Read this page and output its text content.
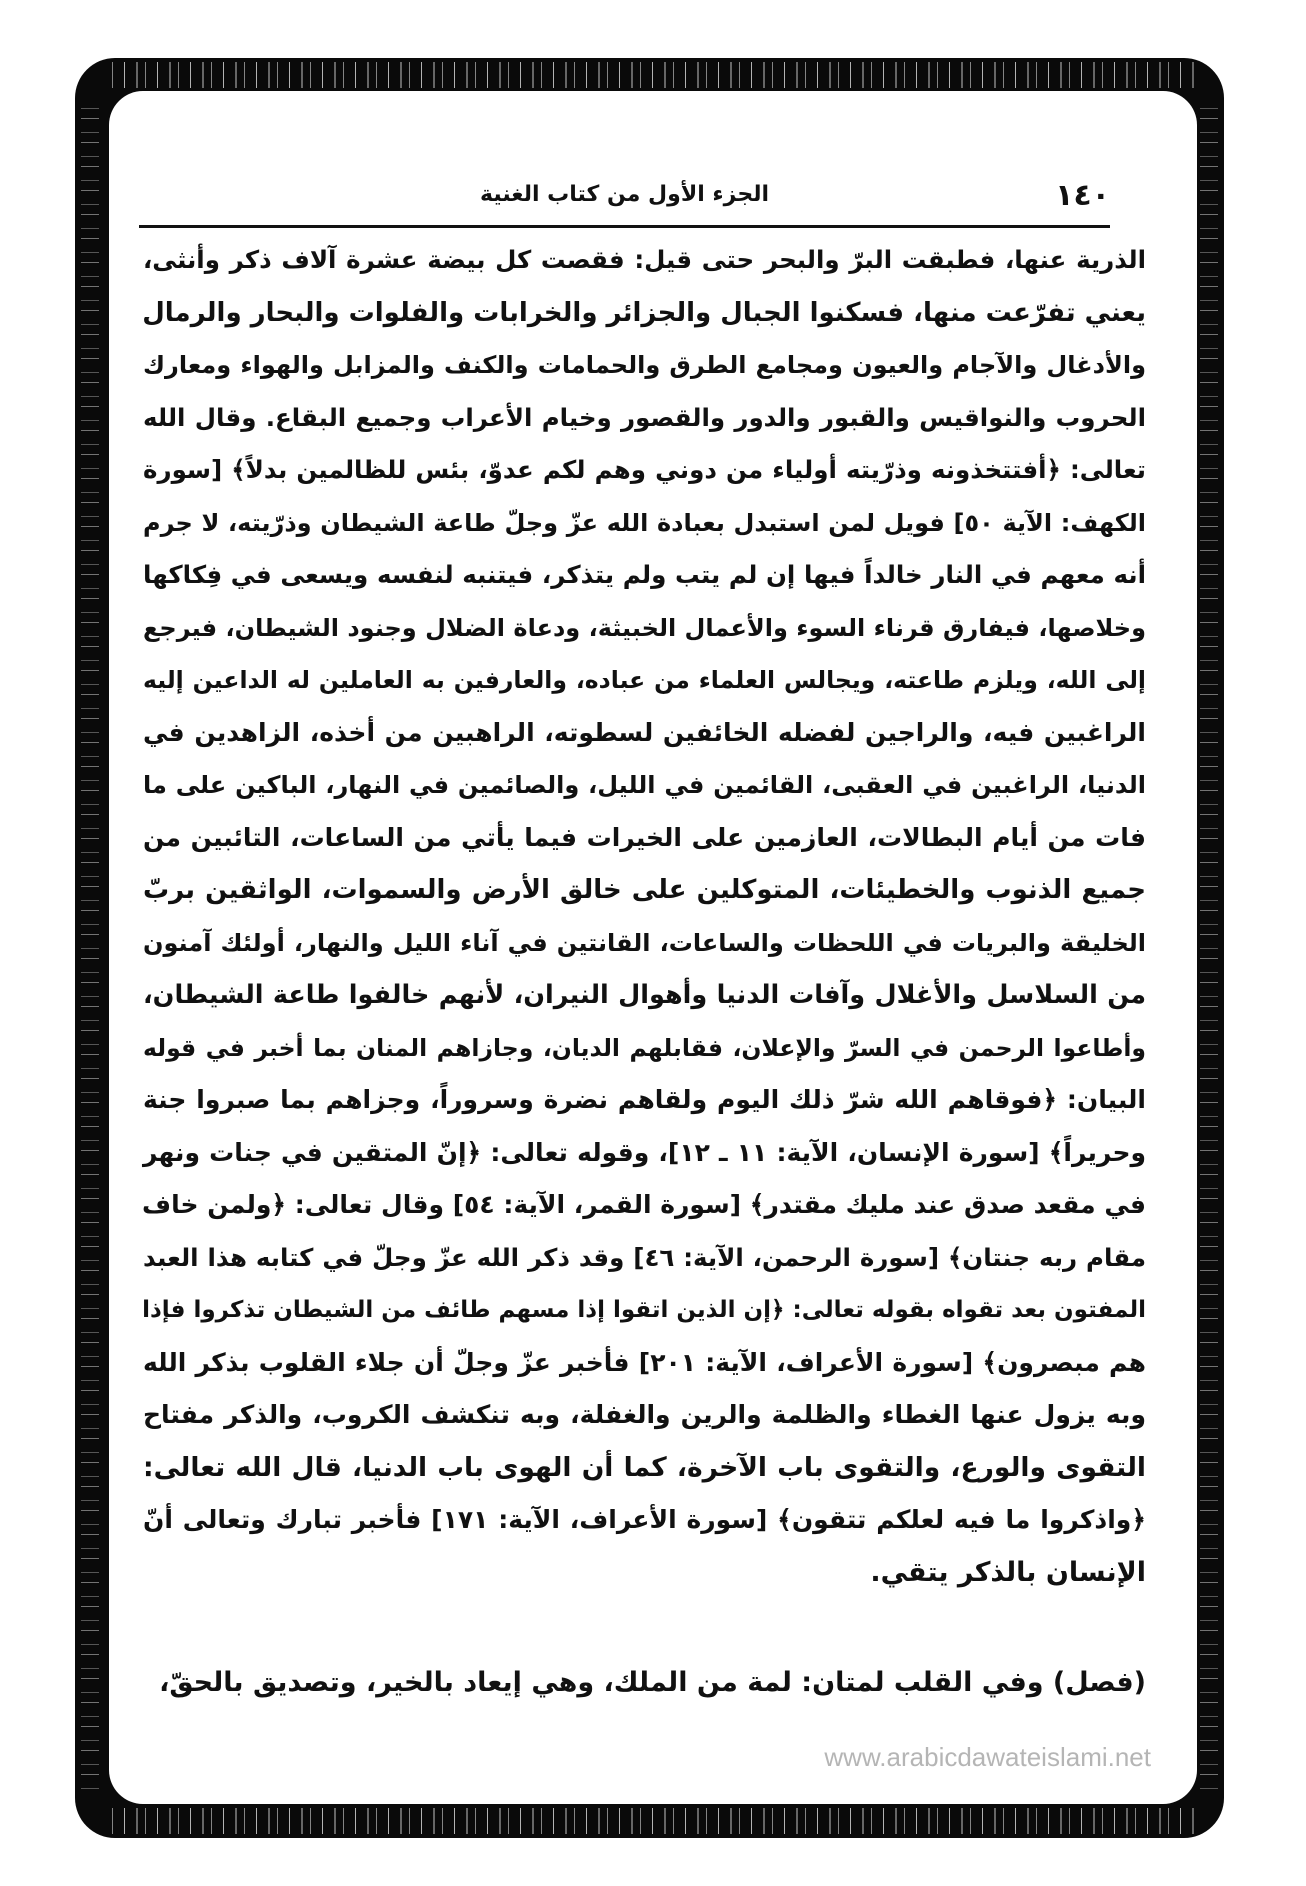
١٤٠
الجزء الأول من كتاب الغنية
الذرية عنها، فطبقت البرّ والبحر حتى قيل: فقصت كل بيضة عشرة آلاف ذكر وأنثى،
يعني تفرّعت منها، فسكنوا الجبال والجزائر والخرابات والفلوات والبحار والرمال
والأدغال والآجام والعيون ومجامع الطرق والحمامات والكنف والمزابل والهواء ومعارك
الحروب والنواقيس والقبور والدور والقصور وخيام الأعراب وجميع البقاع. وقال الله
تعالى: ﴿أفتتخذونه وذرّيته أولياء من دوني وهم لكم عدوّ، بئس للظالمين بدلاً﴾ [سورة
الكهف: الآية ٥٠] فويل لمن استبدل بعبادة الله عزّ وجلّ طاعة الشيطان وذرّيته، لا جرم
أنه معهم في النار خالداً فيها إن لم يتب ولم يتذكر، فيتنبه لنفسه ويسعى في فِكاكها
وخلاصها، فيفارق قرناء السوء والأعمال الخبيثة، ودعاة الضلال وجنود الشيطان، فيرجع
إلى الله، ويلزم طاعته، ويجالس العلماء من عباده، والعارفين به العاملين له الداعين إليه
الراغبين فيه، والراجين لفضله الخائفين لسطوته، الراهبين من أخذه، الزاهدين في
الدنيا، الراغبين في العقبى، القائمين في الليل، والصائمين في النهار، الباكين على ما
فات من أيام البطالات، العازمين على الخيرات فيما يأتي من الساعات، التائبين من
جميع الذنوب والخطيئات، المتوكلين على خالق الأرض والسموات، الواثقين بربّ
الخليقة والبريات في اللحظات والساعات، القانتين في آناء الليل والنهار، أولئك آمنون
من السلاسل والأغلال وآفات الدنيا وأهوال النيران، لأنهم خالفوا طاعة الشيطان،
وأطاعوا الرحمن في السرّ والإعلان، فقابلهم الديان، وجازاهم المنان بما أخبر في قوله
البيان: ﴿فوقاهم الله شرّ ذلك اليوم ولقاهم نضرة وسروراً، وجزاهم بما صبروا جنة
وحريراً﴾ [سورة الإنسان، الآية: ١١ ـ ١٢]، وقوله تعالى: ﴿إنّ المتقين في جنات ونهر
في مقعد صدق عند مليك مقتدر﴾ [سورة القمر، الآية: ٥٤] وقال تعالى: ﴿ولمن خاف
مقام ربه جنتان﴾ [سورة الرحمن، الآية: ٤٦] وقد ذكر الله عزّ وجلّ في كتابه هذا العبد
المفتون بعد تقواه بقوله تعالى: ﴿إن الذين اتقوا إذا مسهم طائف من الشيطان تذكروا فإذا
هم مبصرون﴾ [سورة الأعراف، الآية: ٢٠١] فأخبر عزّ وجلّ أن جلاء القلوب بذكر الله
وبه يزول عنها الغطاء والظلمة والرين والغفلة، وبه تنكشف الكروب، والذكر مفتاح
التقوى والورع، والتقوى باب الآخرة، كما أن الهوى باب الدنيا، قال الله تعالى:
﴿واذكروا ما فيه لعلكم تتقون﴾ [سورة الأعراف، الآية: ١٧١] فأخبر تبارك وتعالى أنّ
الإنسان بالذكر يتقي.
(فصل) وفي القلب لمتان: لمة من الملك، وهي إيعاد بالخير، وتصديق بالحقّ،
www.arabicdawateislami.net
